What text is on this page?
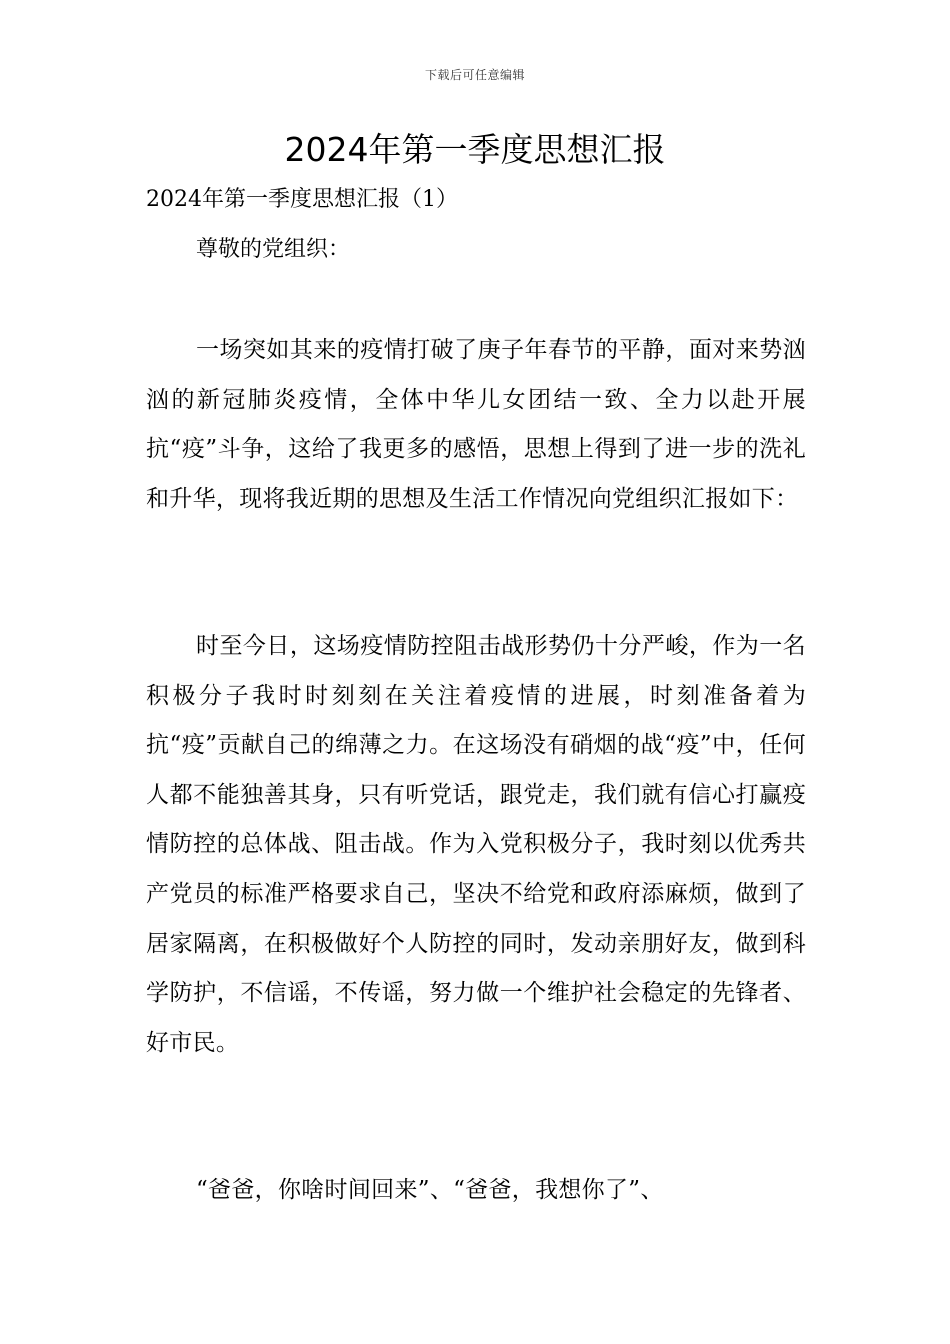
下载后可任意编辑
2024年第一季度思想汇报

2024年第一季度思想汇报（1）

尊敬的党组织：

一场突如其来的疫情打破了庚子年春节的平静，面对来势汹汹的新冠肺炎疫情，全体中华儿女团结一致、全力以赴开展抗“疫”斗争，这给了我更多的感悟，思想上得到了进一步的洗礼和升华，现将我近期的思想及生活工作情况向党组织汇报如下：

时至今日，这场疫情防控阻击战形势仍十分严峻，作为一名积极分子我时时刻刻在关注着疫情的进展，时刻准备着为抗“疫”贡献自己的绵薄之力。在这场没有硝烟的战“疫”中，任何人都不能独善其身，只有听党话，跟党走，我们就有信心打赢疫情防控的总体战、阻击战。作为入党积极分子，我时刻以优秀共产党员的标准严格要求自己，坚决不给党和政府添麻烦，做到了居家隔离，在积极做好个人防控的同时，发动亲朋好友，做到科学防护，不信谣，不传谣，努力做一个维护社会稳定的先锋者、好市民。

“爸爸，你啥时间回来”、“爸爸，我想你了”、
